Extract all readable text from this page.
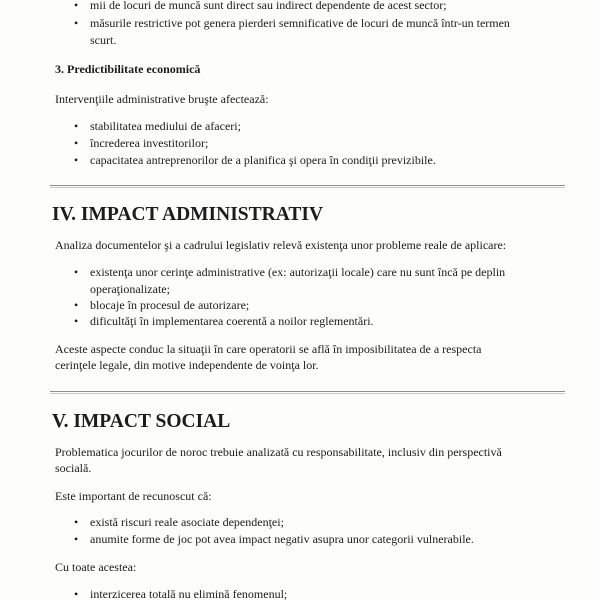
• mii de locuri de muncă sunt direct sau indirect dependente de acest sector;
• măsurile restrictive pot genera pierderi semnificative de locuri de muncă într-un termen
scurt.
3. Predictibilitate economică
Intervenţiile administrative bruşte afectează:
• stabilitatea mediului de afaceri;
• încrederea investitorilor;
• capacitatea antreprenorilor de a planifica şi opera în condiţii previzibile.
IV. IMPACT ADMINISTRATIV
Analiza documentelor şi a cadrului legislativ relevă existenţa unor probleme reale de aplicare:
• existenţa unor cerinţe administrative (ex: autorizaţii locale) care nu sunt încă pe deplin
operaţionalizate;
• blocaje în procesul de autorizare;
• dificultăţi în implementarea coerentă a noilor reglementări.
Aceste aspecte conduc la situaţii în care operatorii se află în imposibilitatea de a respecta
cerinţele legale, din motive independente de voinţa lor.
V. IMPACT SOCIAL
Problematica jocurilor de noroc trebuie analizată cu responsabilitate, inclusiv din perspectivă
socială.
Este important de recunoscut că:
• există riscuri reale asociate dependenţei;
• anumite forme de joc pot avea impact negativ asupra unor categorii vulnerabile.
Cu toate acestea:
• interzicerea totală nu elimină fenomenul;
